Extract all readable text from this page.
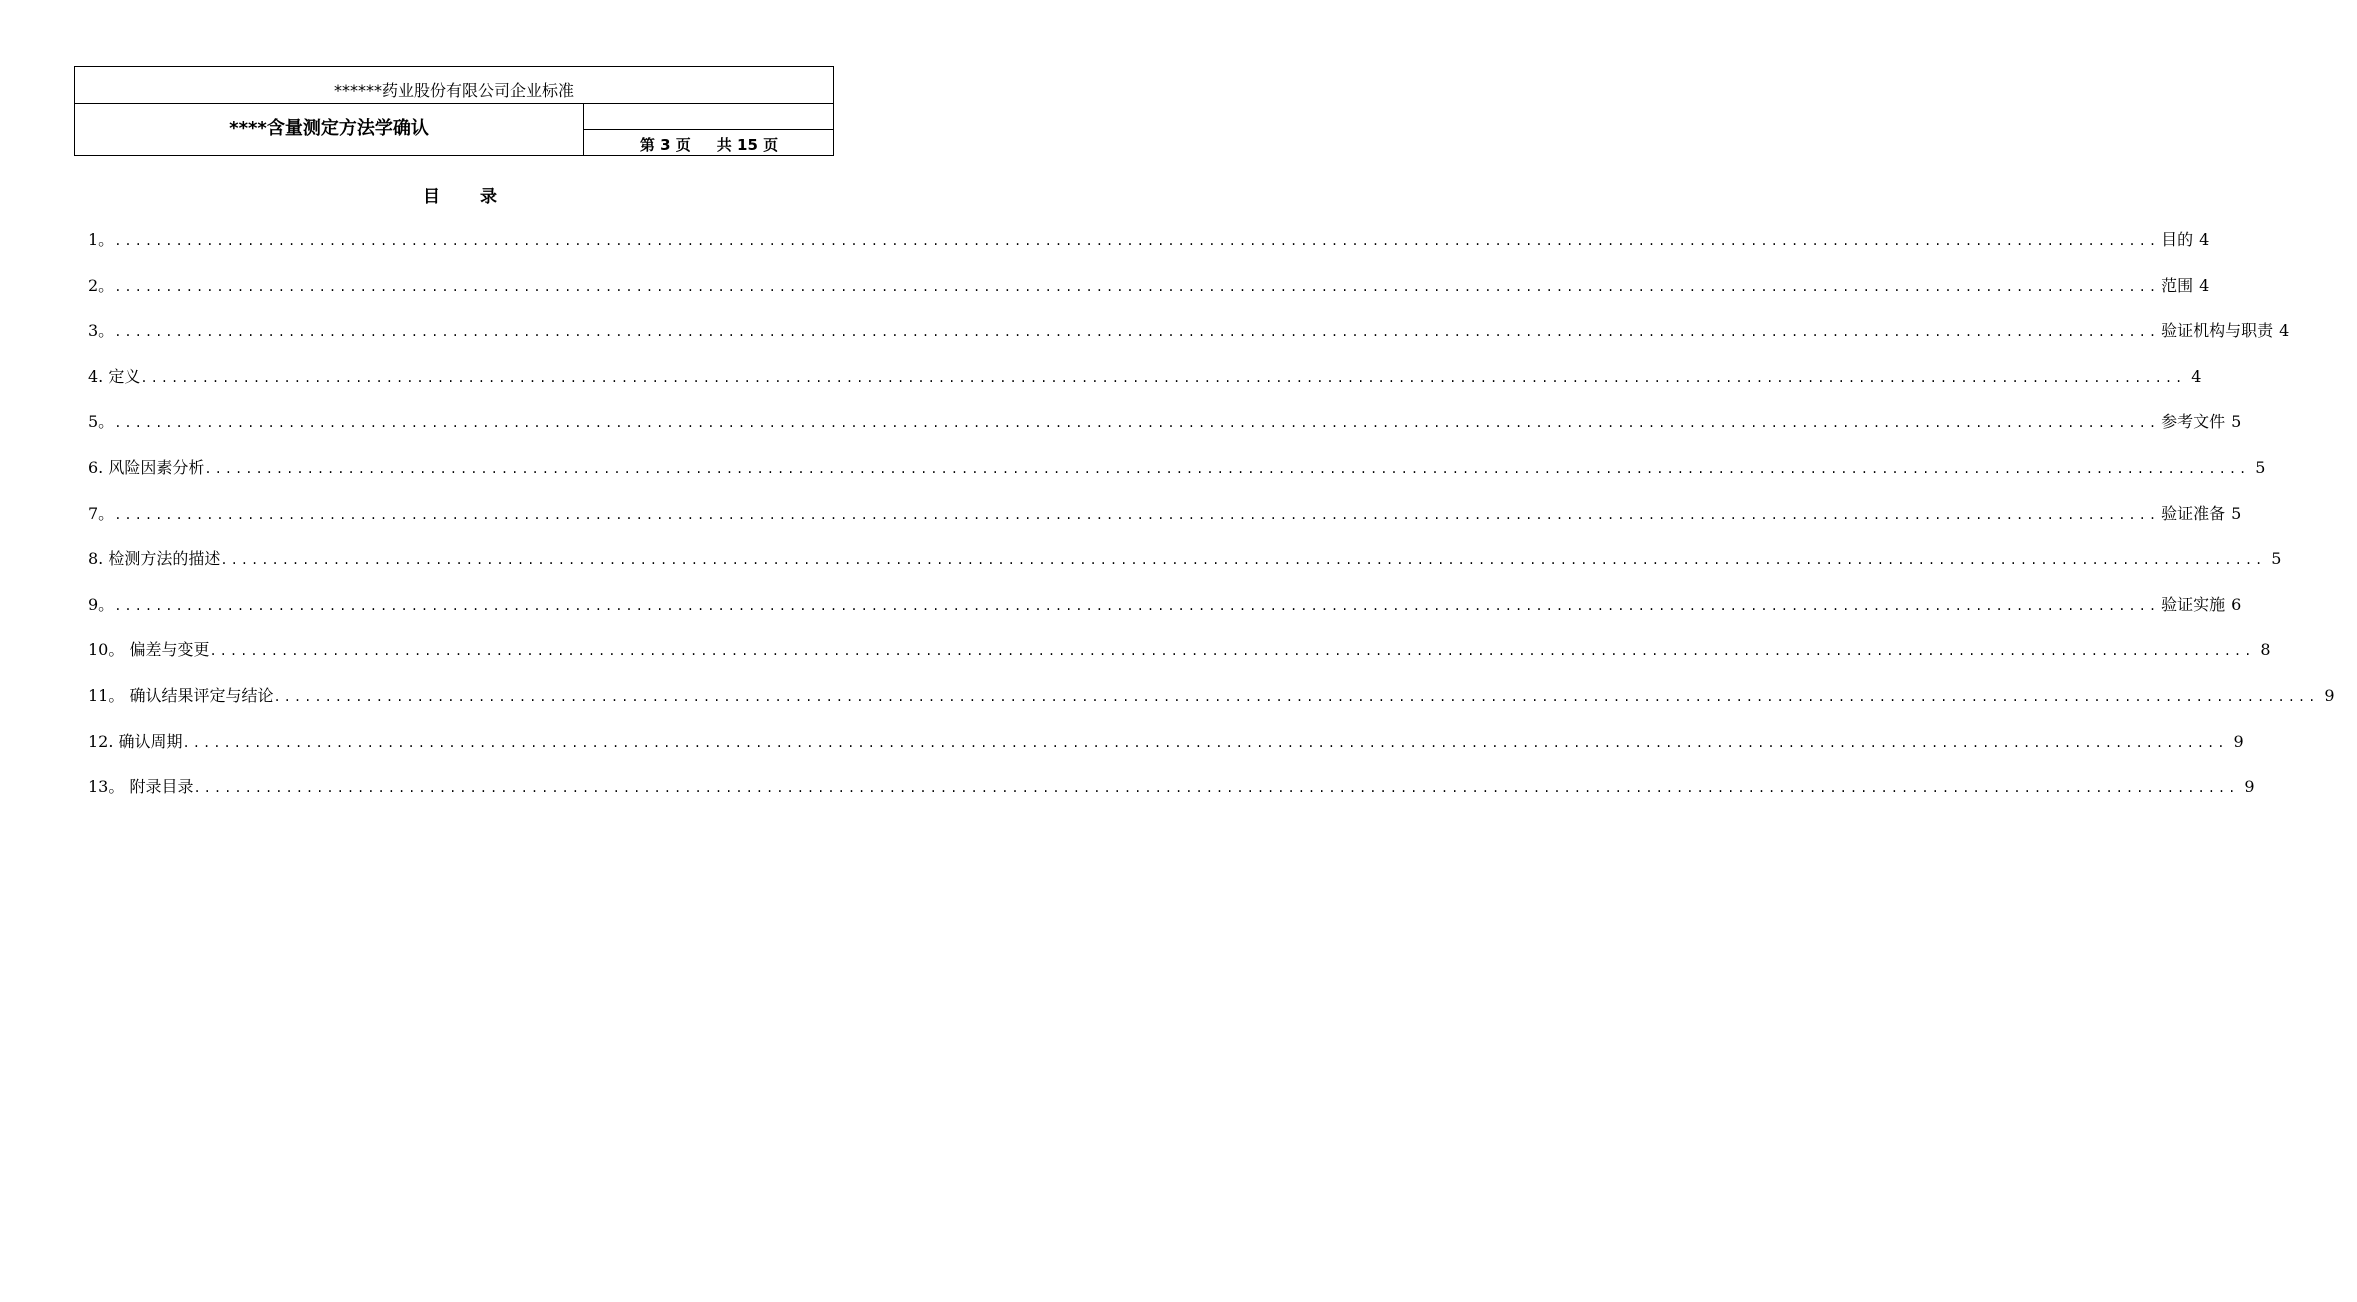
******药业股份有限公司企业标准
****含量测定方法学确认
第 3 页 共 15 页
目 录
1。 ........................................................................................................................................................................................................ 目的 4
2。 ........................................................................................................................................................................................................ 范围 4
3。 ........................................................................................................................................................................................................ 验证机构与职责 4
4. 定义 ........................................................................................................................................................................................................ 4
5。 ........................................................................................................................................................................................................ 参考文件 5
6. 风险因素分析 ........................................................................................................................................................................................................ 5
7。 ........................................................................................................................................................................................................ 验证准备 5
8. 检测方法的描述 ........................................................................................................................................................................................................ 5
9。 ........................................................................................................................................................................................................ 验证实施 6
10。 偏差与变更 ........................................................................................................................................................................................................ 8
11。 确认结果评定与结论 ........................................................................................................................................................................................................ 9
12. 确认周期 ........................................................................................................................................................................................................ 9
13。 附录目录 ........................................................................................................................................................................................................ 9
